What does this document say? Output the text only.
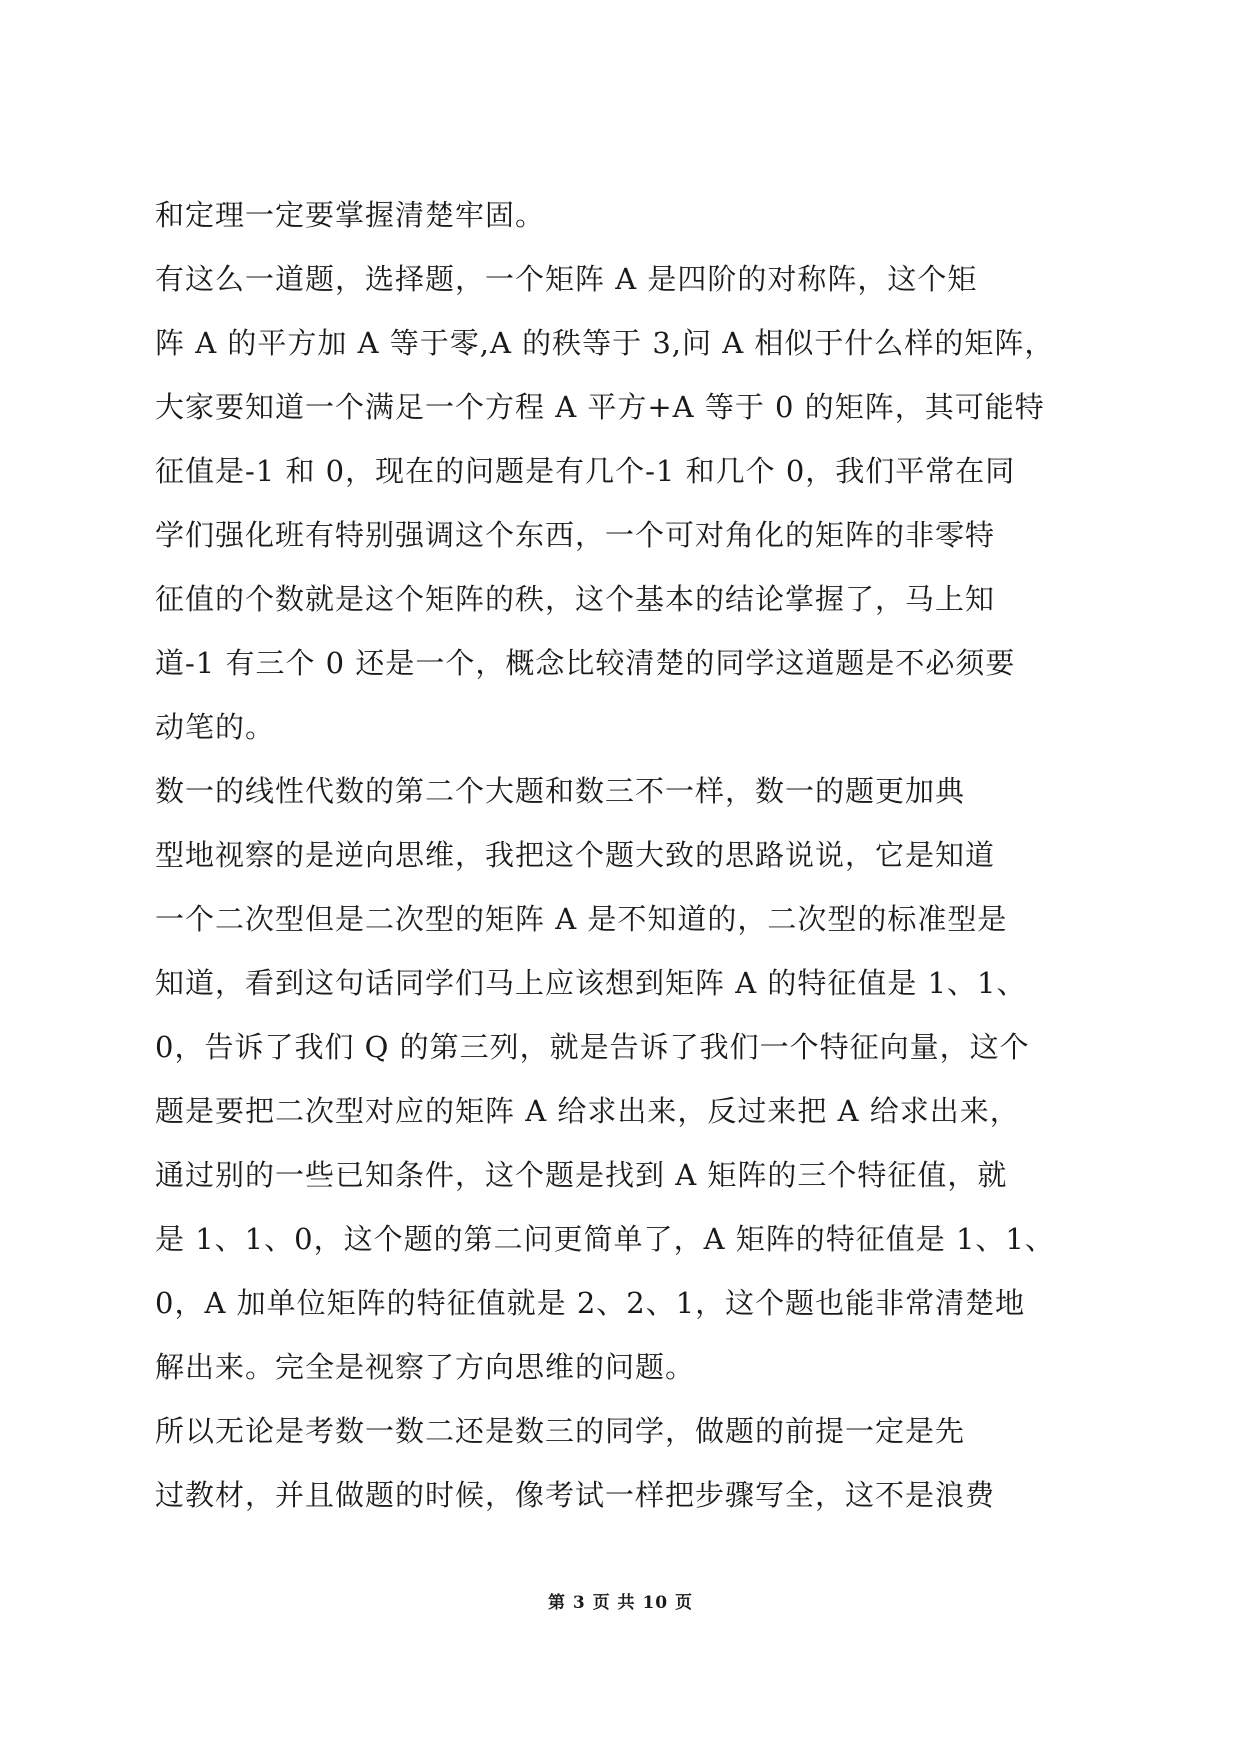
和定理一定要掌握清楚牢固。
有这么一道题，选择题，一个矩阵 A 是四阶的对称阵，这个矩
阵 A 的平方加 A 等于零,A 的秩等于 3,问 A 相似于什么样的矩阵，
大家要知道一个满足一个方程 A 平方+A 等于 0 的矩阵，其可能特
征值是-1 和 0，现在的问题是有几个-1 和几个 0，我们平常在同
学们强化班有特别强调这个东西，一个可对角化的矩阵的非零特
征值的个数就是这个矩阵的秩，这个基本的结论掌握了，马上知
道-1 有三个 0 还是一个，概念比较清楚的同学这道题是不必须要
动笔的。
数一的线性代数的第二个大题和数三不一样，数一的题更加典
型地视察的是逆向思维，我把这个题大致的思路说说，它是知道
一个二次型但是二次型的矩阵 A 是不知道的，二次型的标准型是
知道，看到这句话同学们马上应该想到矩阵 A 的特征值是 1、1、
0，告诉了我们 Q 的第三列，就是告诉了我们一个特征向量，这个
题是要把二次型对应的矩阵 A 给求出来，反过来把 A 给求出来，
通过别的一些已知条件，这个题是找到 A 矩阵的三个特征值，就
是 1、1、0，这个题的第二问更简单了，A 矩阵的特征值是 1、1、
0，A 加单位矩阵的特征值就是 2、2、1，这个题也能非常清楚地
解出来。完全是视察了方向思维的问题。
所以无论是考数一数二还是数三的同学，做题的前提一定是先
过教材，并且做题的时候，像考试一样把步骤写全，这不是浪费
第 3 页 共 10 页
